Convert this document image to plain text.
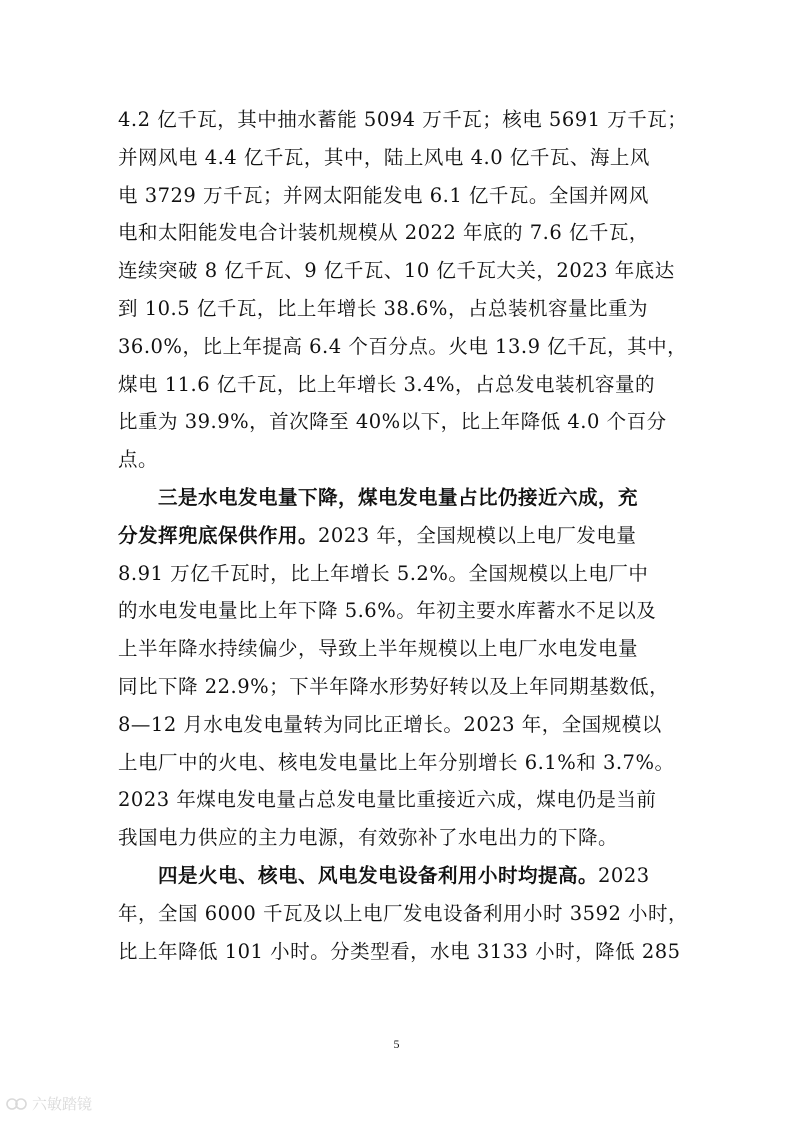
4.2 亿千瓦，其中抽水蓄能 5094 万千瓦；核电 5691 万千瓦；
并网风电 4.4 亿千瓦，其中，陆上风电 4.0 亿千瓦、海上风
电 3729 万千瓦；并网太阳能发电 6.1 亿千瓦。全国并网风
电和太阳能发电合计装机规模从 2022 年底的 7.6 亿千瓦，
连续突破 8 亿千瓦、9 亿千瓦、10 亿千瓦大关，2023 年底达
到 10.5 亿千瓦，比上年增长 38.6%，占总装机容量比重为
36.0%，比上年提高 6.4 个百分点。火电 13.9 亿千瓦，其中，
煤电 11.6 亿千瓦，比上年增长 3.4%，占总发电装机容量的
比重为 39.9%，首次降至 40%以下，比上年降低 4.0 个百分
点。
三是水电发电量下降，煤电发电量占比仍接近六成，充
分发挥兜底保供作用。2023 年，全国规模以上电厂发电量
8.91 万亿千瓦时，比上年增长 5.2%。全国规模以上电厂中
的水电发电量比上年下降 5.6%。年初主要水库蓄水不足以及
上半年降水持续偏少，导致上半年规模以上电厂水电发电量
同比下降 22.9%；下半年降水形势好转以及上年同期基数低，
8—12 月水电发电量转为同比正增长。2023 年，全国规模以
上电厂中的火电、核电发电量比上年分别增长 6.1%和 3.7%。
2023 年煤电发电量占总发电量比重接近六成，煤电仍是当前
我国电力供应的主力电源，有效弥补了水电出力的下降。
四是火电、核电、风电发电设备利用小时均提高。2023
年，全国 6000 千瓦及以上电厂发电设备利用小时 3592 小时，
比上年降低 101 小时。分类型看，水电 3133 小时，降低 285
5
六敏踏镜
